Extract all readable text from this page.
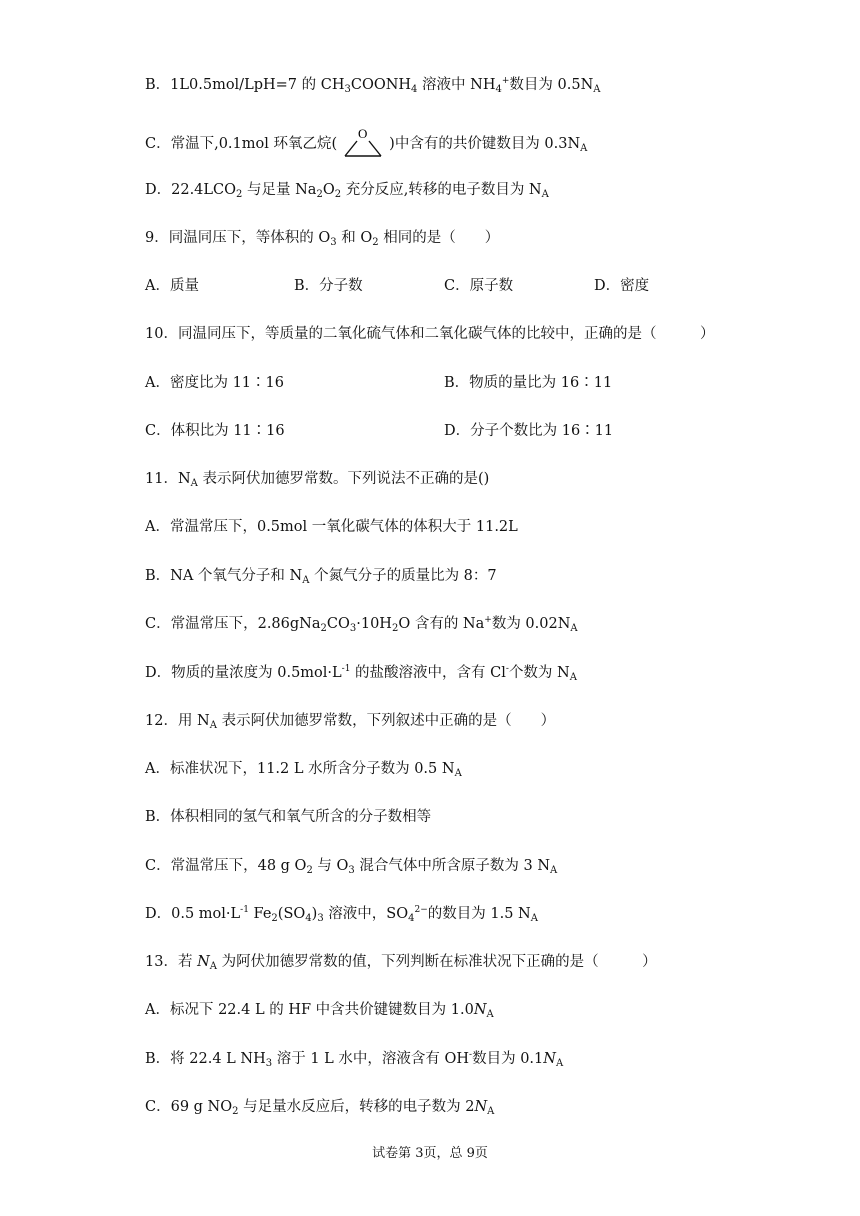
B．1L0.5mol/LpH=7 的 $CH_3COONH_4$ 溶液中 $NH_4^+$数目为 $0.5N_A$
C．常温下,0.1mol 环氧乙烷(
O
)中含有的共价键数目为 $0.3N_A$
D．$22.4LCO_2$ 与足量 $Na_2O_2$ 充分反应,转移的电子数目为 $N_A$
9．同温同压下，等体积的 $O_3$ 和 $O_2$ 相同的是（　　）
A．质量	B．分子数	C．原子数	D．密度
10．同温同压下，等质量的二氧化硫气体和二氧化碳气体的比较中，正确的是（　　　）
A．密度比为 11∶16	B．物质的量比为 16∶11
C．体积比为 11∶16	D．分子个数比为 16∶11
11．$N_A$ 表示阿伏加德罗常数。下列说法不正确的是()
A．常温常压下，0.5mol 一氧化碳气体的体积大于 11.2L
B．NA 个氧气分子和 $N_A$ 个氮气分子的质量比为 8：7
C．常温常压下，$2.86gNa_2CO_3\cdot 10H_2O$ 含有的 Na+数为 $0.02N_A$
D．物质的量浓度为 $0.5mol\cdot L^{-1}$ 的盐酸溶液中，含有 Cl-个数为 $N_A$
12．用 $N_A$ 表示阿伏加德罗常数，下列叙述中正确的是（　　）
A．标准状况下，11.2 L 水所含分子数为 0.5 $N_A$
B．体积相同的氢气和氧气所含的分子数相等
C．常温常压下，48 g $O_2$ 与 $O_3$ 混合气体中所含原子数为 3 $N_A$
D．0.5 $mol\cdot L^{-1}$ $Fe_2(SO_4)_3$ 溶液中，$SO_4^{2-}$的数目为 1.5 $N_A$
13．若 $N_A$ 为阿伏加德罗常数的值，下列判断在标准状况下正确的是（　　　）
A．标况下 22.4 L 的 HF 中含共价键键数目为 $1.0N_A$
B．将 22.4 L $NH_3$ 溶于 1 L 水中，溶液含有 OH-数目为 $0.1N_A$
C．69 g $NO_2$ 与足量水反应后，转移的电子数为 $2N_A$
试卷第 3页，总 9页
